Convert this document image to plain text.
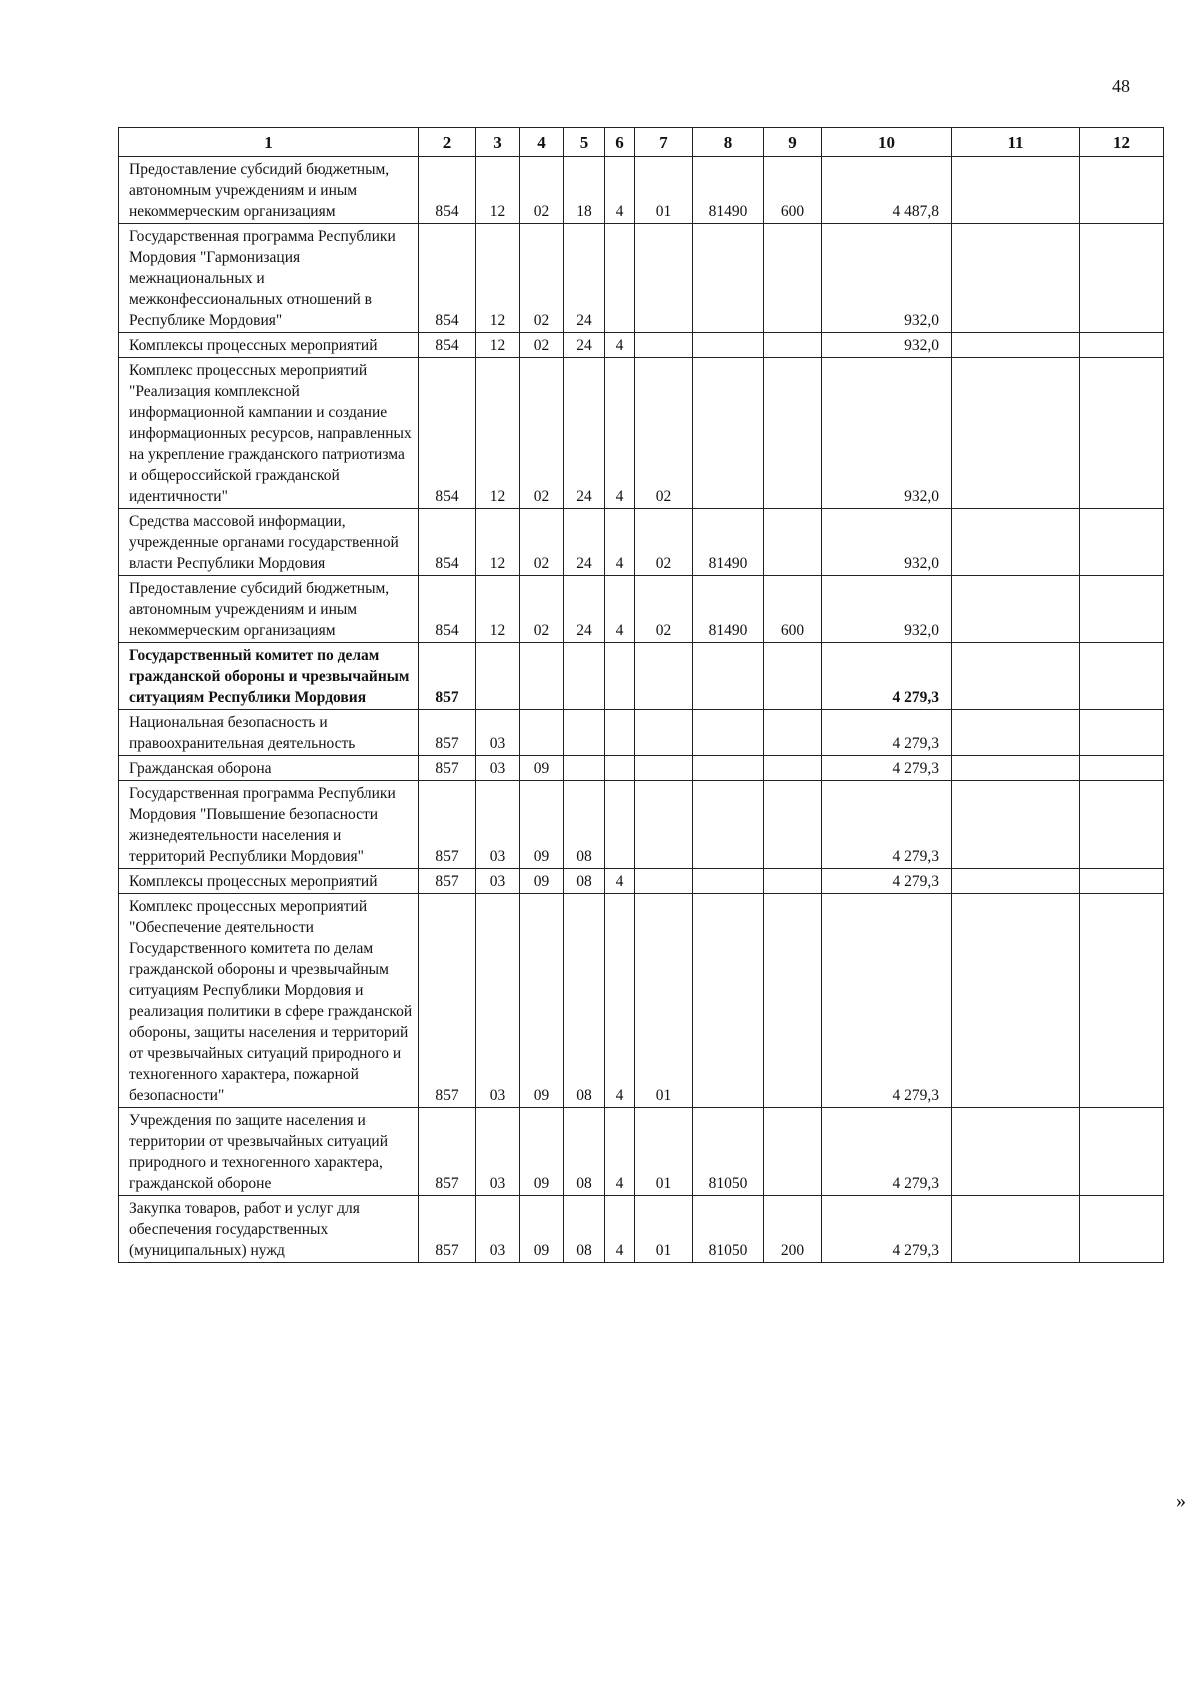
48
1	2	3	4	5	6	7	8	9	10	11	12
Предоставление субсидий бюджетным, автономным учреждениям и иным некоммерческим организациям	854	12	02	18	4	01	81490	600	4 487,8		
Государственная программа Республики Мордовия "Гармонизация межнациональных и межконфессиональных отношений в Республике Мордовия"	854	12	02	24					932,0		
Комплексы процессных мероприятий	854	12	02	24	4				932,0		
Комплекс процессных мероприятий "Реализация комплексной информационной кампании и создание информационных ресурсов, направленных на укрепление гражданского патриотизма и общероссийской гражданской идентичности"	854	12	02	24	4	02			932,0		
Средства массовой информации, учрежденные органами государственной власти Республики Мордовия	854	12	02	24	4	02	81490		932,0		
Предоставление субсидий бюджетным, автономным учреждениям и иным некоммерческим организациям	854	12	02	24	4	02	81490	600	932,0		
Государственный комитет по делам гражданской обороны и чрезвычайным ситуациям Республики Мордовия	857								4 279,3		
Национальная безопасность и правоохранительная деятельность	857	03							4 279,3		
Гражданская оборона	857	03	09						4 279,3		
Государственная программа Республики Мордовия "Повышение безопасности жизнедеятельности населения и территорий Республики Мордовия"	857	03	09	08					4 279,3		
Комплексы процессных мероприятий	857	03	09	08	4				4 279,3		
Комплекс процессных мероприятий "Обеспечение деятельности Государственного комитета по делам гражданской обороны и чрезвычайным ситуациям Республики Мордовия и реализация политики в сфере гражданской обороны, защиты населения и территорий от чрезвычайных ситуаций природного и техногенного характера, пожарной безопасности"	857	03	09	08	4	01			4 279,3		
Учреждения по защите населения и территории от чрезвычайных ситуаций природного и техногенного характера, гражданской обороне	857	03	09	08	4	01	81050		4 279,3		
Закупка товаров, работ и услуг для обеспечения государственных (муниципальных) нужд	857	03	09	08	4	01	81050	200	4 279,3		
»
